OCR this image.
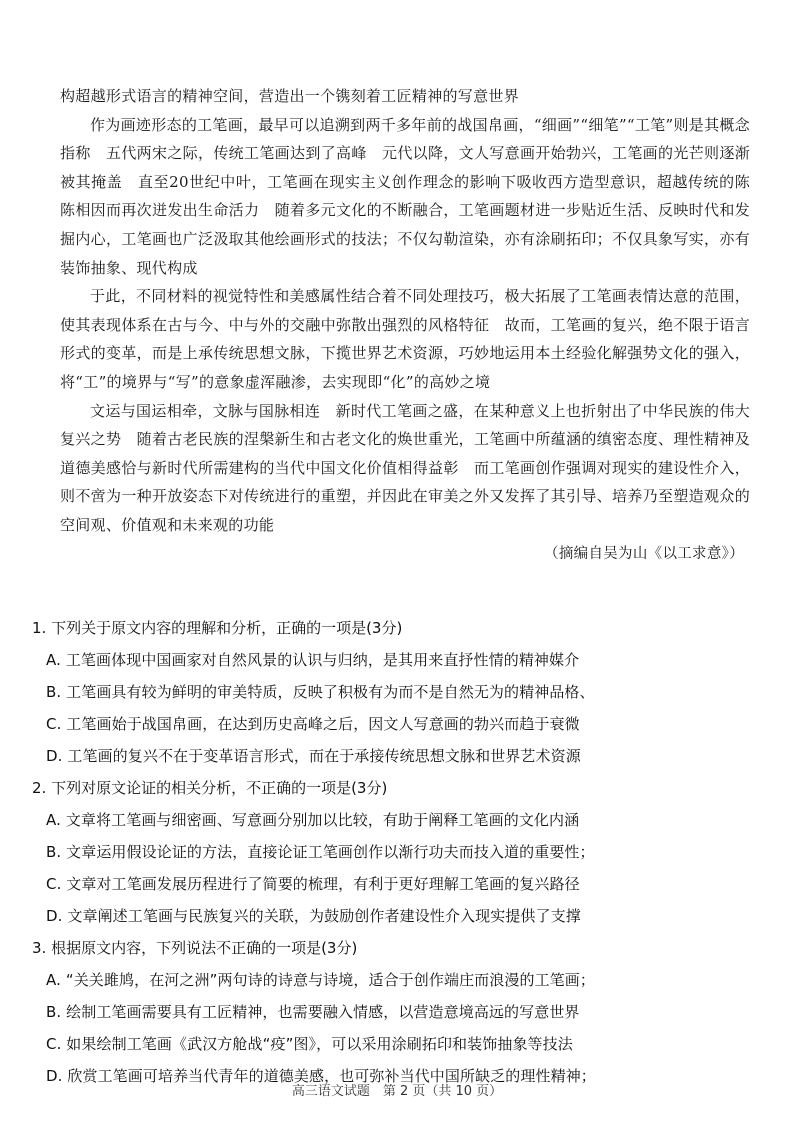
构超越形式语言的精神空间，营造出一个镌刻着工匠精神的写意世界

作为画迹形态的工笔画，最早可以追溯到两千多年前的战国帛画，“细画”“细笔”“工笔”则是其概念指称　五代两宋之际，传统工笔画达到了高峰　元代以降，文人写意画开始勃兴，工笔画的光芒则逐渐被其掩盖　直至20世纪中叶，工笔画在现实主义创作理念的影响下吸收西方造型意识，超越传统的陈陈相因而再次迸发出生命活力　随着多元文化的不断融合，工笔画题材进一步贴近生活、反映时代和发掘内心，工笔画也广泛汲取其他绘画形式的技法；不仅勾勒渲染，亦有涂刷拓印；不仅具象写实，亦有装饰抽象、现代构成

于此，不同材料的视觉特性和美感属性结合着不同处理技巧，极大拓展了工笔画表情达意的范围，使其表现体系在古与今、中与外的交融中弥散出强烈的风格特征　故而，工笔画的复兴，绝不限于语言形式的变革，而是上承传统思想文脉，下揽世界艺术资源，巧妙地运用本土经验化解强势文化的强入，将“工”的境界与“写”的意象虚浑融渗，去实现即“化”的高妙之境

文运与国运相牵，文脉与国脉相连　新时代工笔画之盛，在某种意义上也折射出了中华民族的伟大复兴之势　随着古老民族的涅槃新生和古老文化的焕世重光，工笔画中所蕴涵的缜密态度、理性精神及道德美感恰与新时代所需建构的当代中国文化价值相得益彰　而工笔画创作强调对现实的建设性介入，则不啻为一种开放姿态下对传统进行的重塑，并因此在审美之外又发挥了其引导、培养乃至塑造观众的空间观、价值观和未来观的功能

（摘编自吴为山《以工求意》）
1. 下列关于原文内容的理解和分析，正确的一项是(3分)
A. 工笔画体现中国画家对自然风景的认识与归纳，是其用来直抒性情的精神媒介
B. 工笔画具有较为鲜明的审美特质，反映了积极有为而不是自然无为的精神品格、
C. 工笔画始于战国帛画，在达到历史高峰之后，因文人写意画的勃兴而趋于衰微
D. 工笔画的复兴不在于变革语言形式，而在于承接传统思想文脉和世界艺术资源
2. 下列对原文论证的相关分析，不正确的一项是(3分)
A. 文章将工笔画与细密画、写意画分别加以比较，有助于阐释工笔画的文化内涵
B. 文章运用假设论证的方法，直接论证工笔画创作以渐行功夫而技入道的重要性；
C. 文章对工笔画发展历程进行了简要的梳理，有利于更好理解工笔画的复兴路径
D. 文章阐述工笔画与民族复兴的关联，为鼓励创作者建设性介入现实提供了支撑
3. 根据原文内容，下列说法不正确的一项是(3分)
A. “关关雎鸠，在河之洲”两句诗的诗意与诗境，适合于创作端庄而浪漫的工笔画；
B. 绘制工笔画需要具有工匠精神，也需要融入情感，以营造意境高远的写意世界
C. 如果绘制工笔画《武汉方舱战“疫”图》，可以采用涂刷拓印和装饰抽象等技法
D. 欣赏工笔画可培养当代青年的道德美感，也可弥补当代中国所缺乏的理性精神；
高三语文试题　第 2 页（共 10 页）
